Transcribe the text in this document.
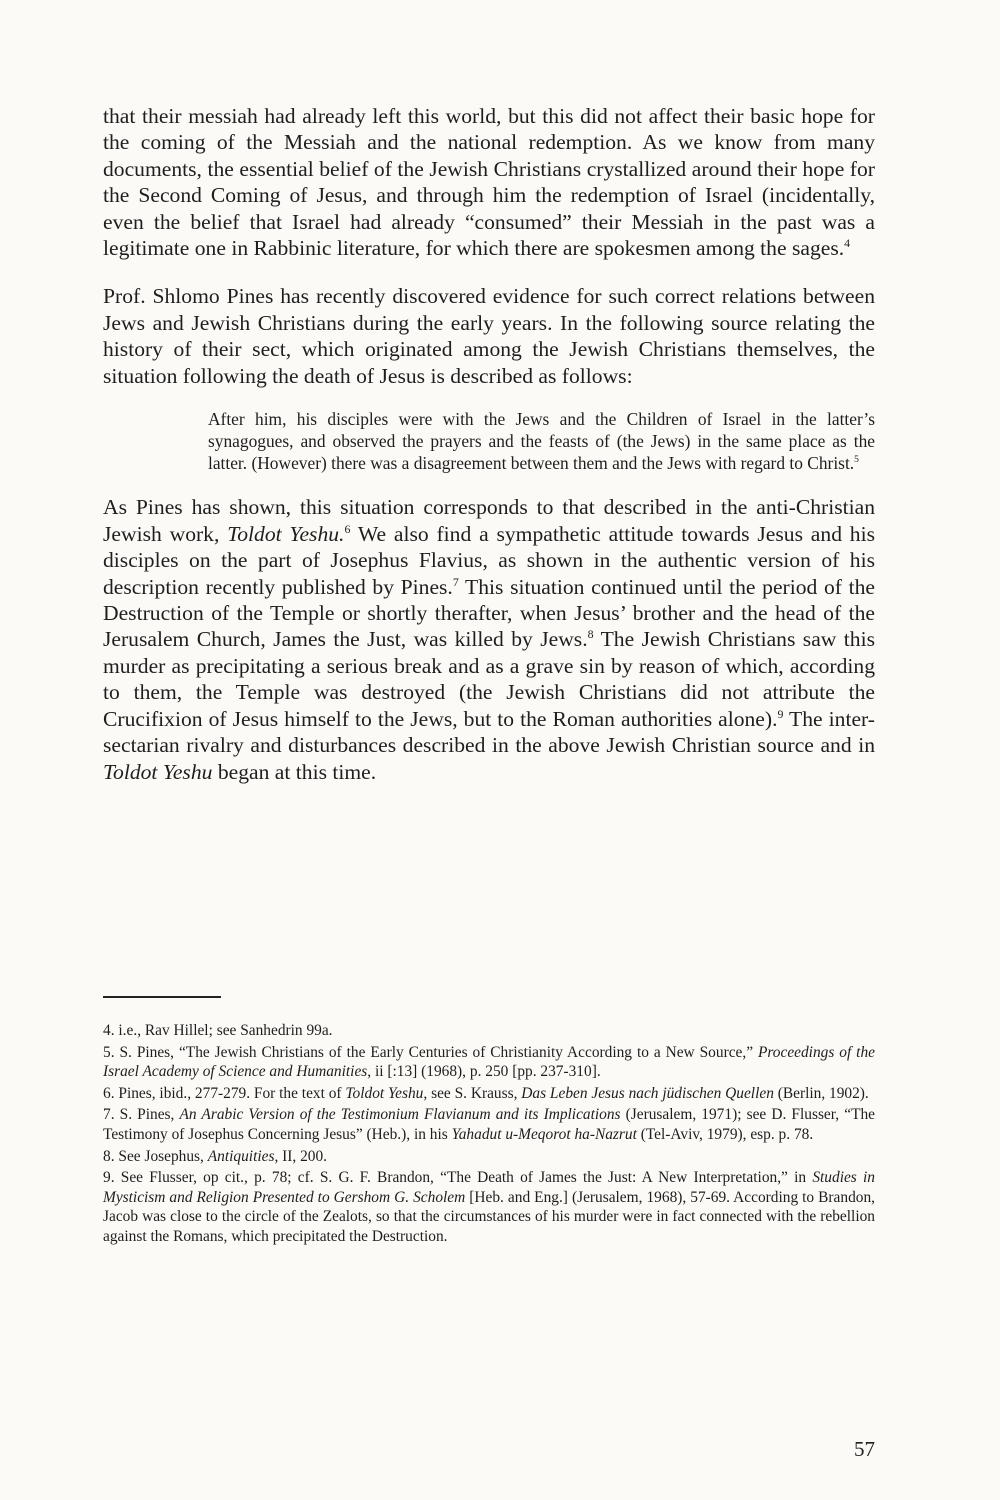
that their messiah had already left this world, but this did not affect their basic hope for the coming of the Messiah and the national redemption. As we know from many documents, the essential belief of the Jewish Christians crystallized around their hope for the Second Coming of Jesus, and through him the redemption of Israel (incidentally, even the belief that Israel had already “consumed” their Messiah in the past was a legitimate one in Rabbinic literature, for which there are spokesmen among the sages.$^4$

Prof. Shlomo Pines has recently discovered evidence for such correct relations between Jews and Jewish Christians during the early years. In the following source relating the history of their sect, which originated among the Jewish Christians themselves, the situation following the death of Jesus is described as follows:

After him, his disciples were with the Jews and the Children of Israel in the latter’s synagogues, and observed the prayers and the feasts of (the Jews) in the same place as the latter. (However) there was a disagreement between them and the Jews with regard to Christ.$^5$

As Pines has shown, this situation corresponds to that described in the anti-Christian Jewish work, Toldot Yeshu.$^6$ We also find a sympathetic attitude towards Jesus and his disciples on the part of Josephus Flavius, as shown in the authentic version of his description recently published by Pines.$^7$ This situation continued until the period of the Destruction of the Temple or shortly therafter, when Jesus’ brother and the head of the Jerusalem Church, James the Just, was killed by Jews.$^8$ The Jewish Christians saw this murder as precipitating a serious break and as a grave sin by reason of which, according to them, the Temple was destroyed (the Jewish Christians did not attribute the Crucifixion of Jesus himself to the Jews, but to the Roman authorities alone).$^9$ The inter-sectarian rivalry and disturbances described in the above Jewish Christian source and in Toldot Yeshu began at this time.

4. i.e., Rav Hillel; see Sanhedrin 99a.

5. S. Pines, “The Jewish Christians of the Early Centuries of Christianity According to a New Source,” Proceedings of the Israel Academy of Science and Humanities, ii [:13] (1968), p. 250 [pp. 237-310].

6. Pines, ibid., 277-279. For the text of Toldot Yeshu, see S. Krauss, Das Leben Jesus nach jüdischen Quellen (Berlin, 1902).

7. S. Pines, An Arabic Version of the Testimonium Flavianum and its Implications (Jerusalem, 1971); see D. Flusser, “The Testimony of Josephus Concerning Jesus” (Heb.), in his Yahadut u-Meqorot ha-Nazrut (Tel-Aviv, 1979), esp. p. 78.

8. See Josephus, Antiquities, II, 200.

9. See Flusser, op cit., p. 78; cf. S. G. F. Brandon, “The Death of James the Just: A New Interpretation,” in Studies in Mysticism and Religion Presented to Gershom G. Scholem [Heb. and Eng.] (Jerusalem, 1968), 57-69. According to Brandon, Jacob was close to the circle of the Zealots, so that the circumstances of his murder were in fact connected with the rebellion against the Romans, which precipitated the Destruction.

57
